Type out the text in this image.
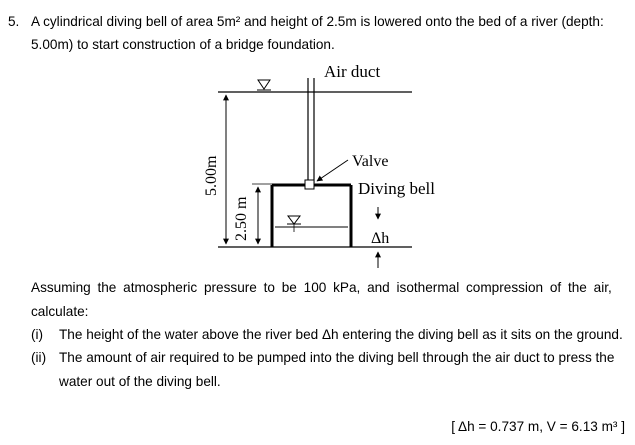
5. A cylindrical diving bell of area 5m² and height of 2.5m is lowered onto the bed of a river (depth:
5.00m) to start construction of a bridge foundation.
Air duct
Valve
Diving bell
Δh
5.00m
2.50 m
Assuming the atmospheric pressure to be 100 kPa, and isothermal compression of the air,
calculate:
(i) The height of the water above the river bed Δh entering the diving bell as it sits on the ground.
(ii) The amount of air required to be pumped into the diving bell through the air duct to press the
water out of the diving bell.
[ Δh = 0.737 m, V = 6.13 m³ ]
